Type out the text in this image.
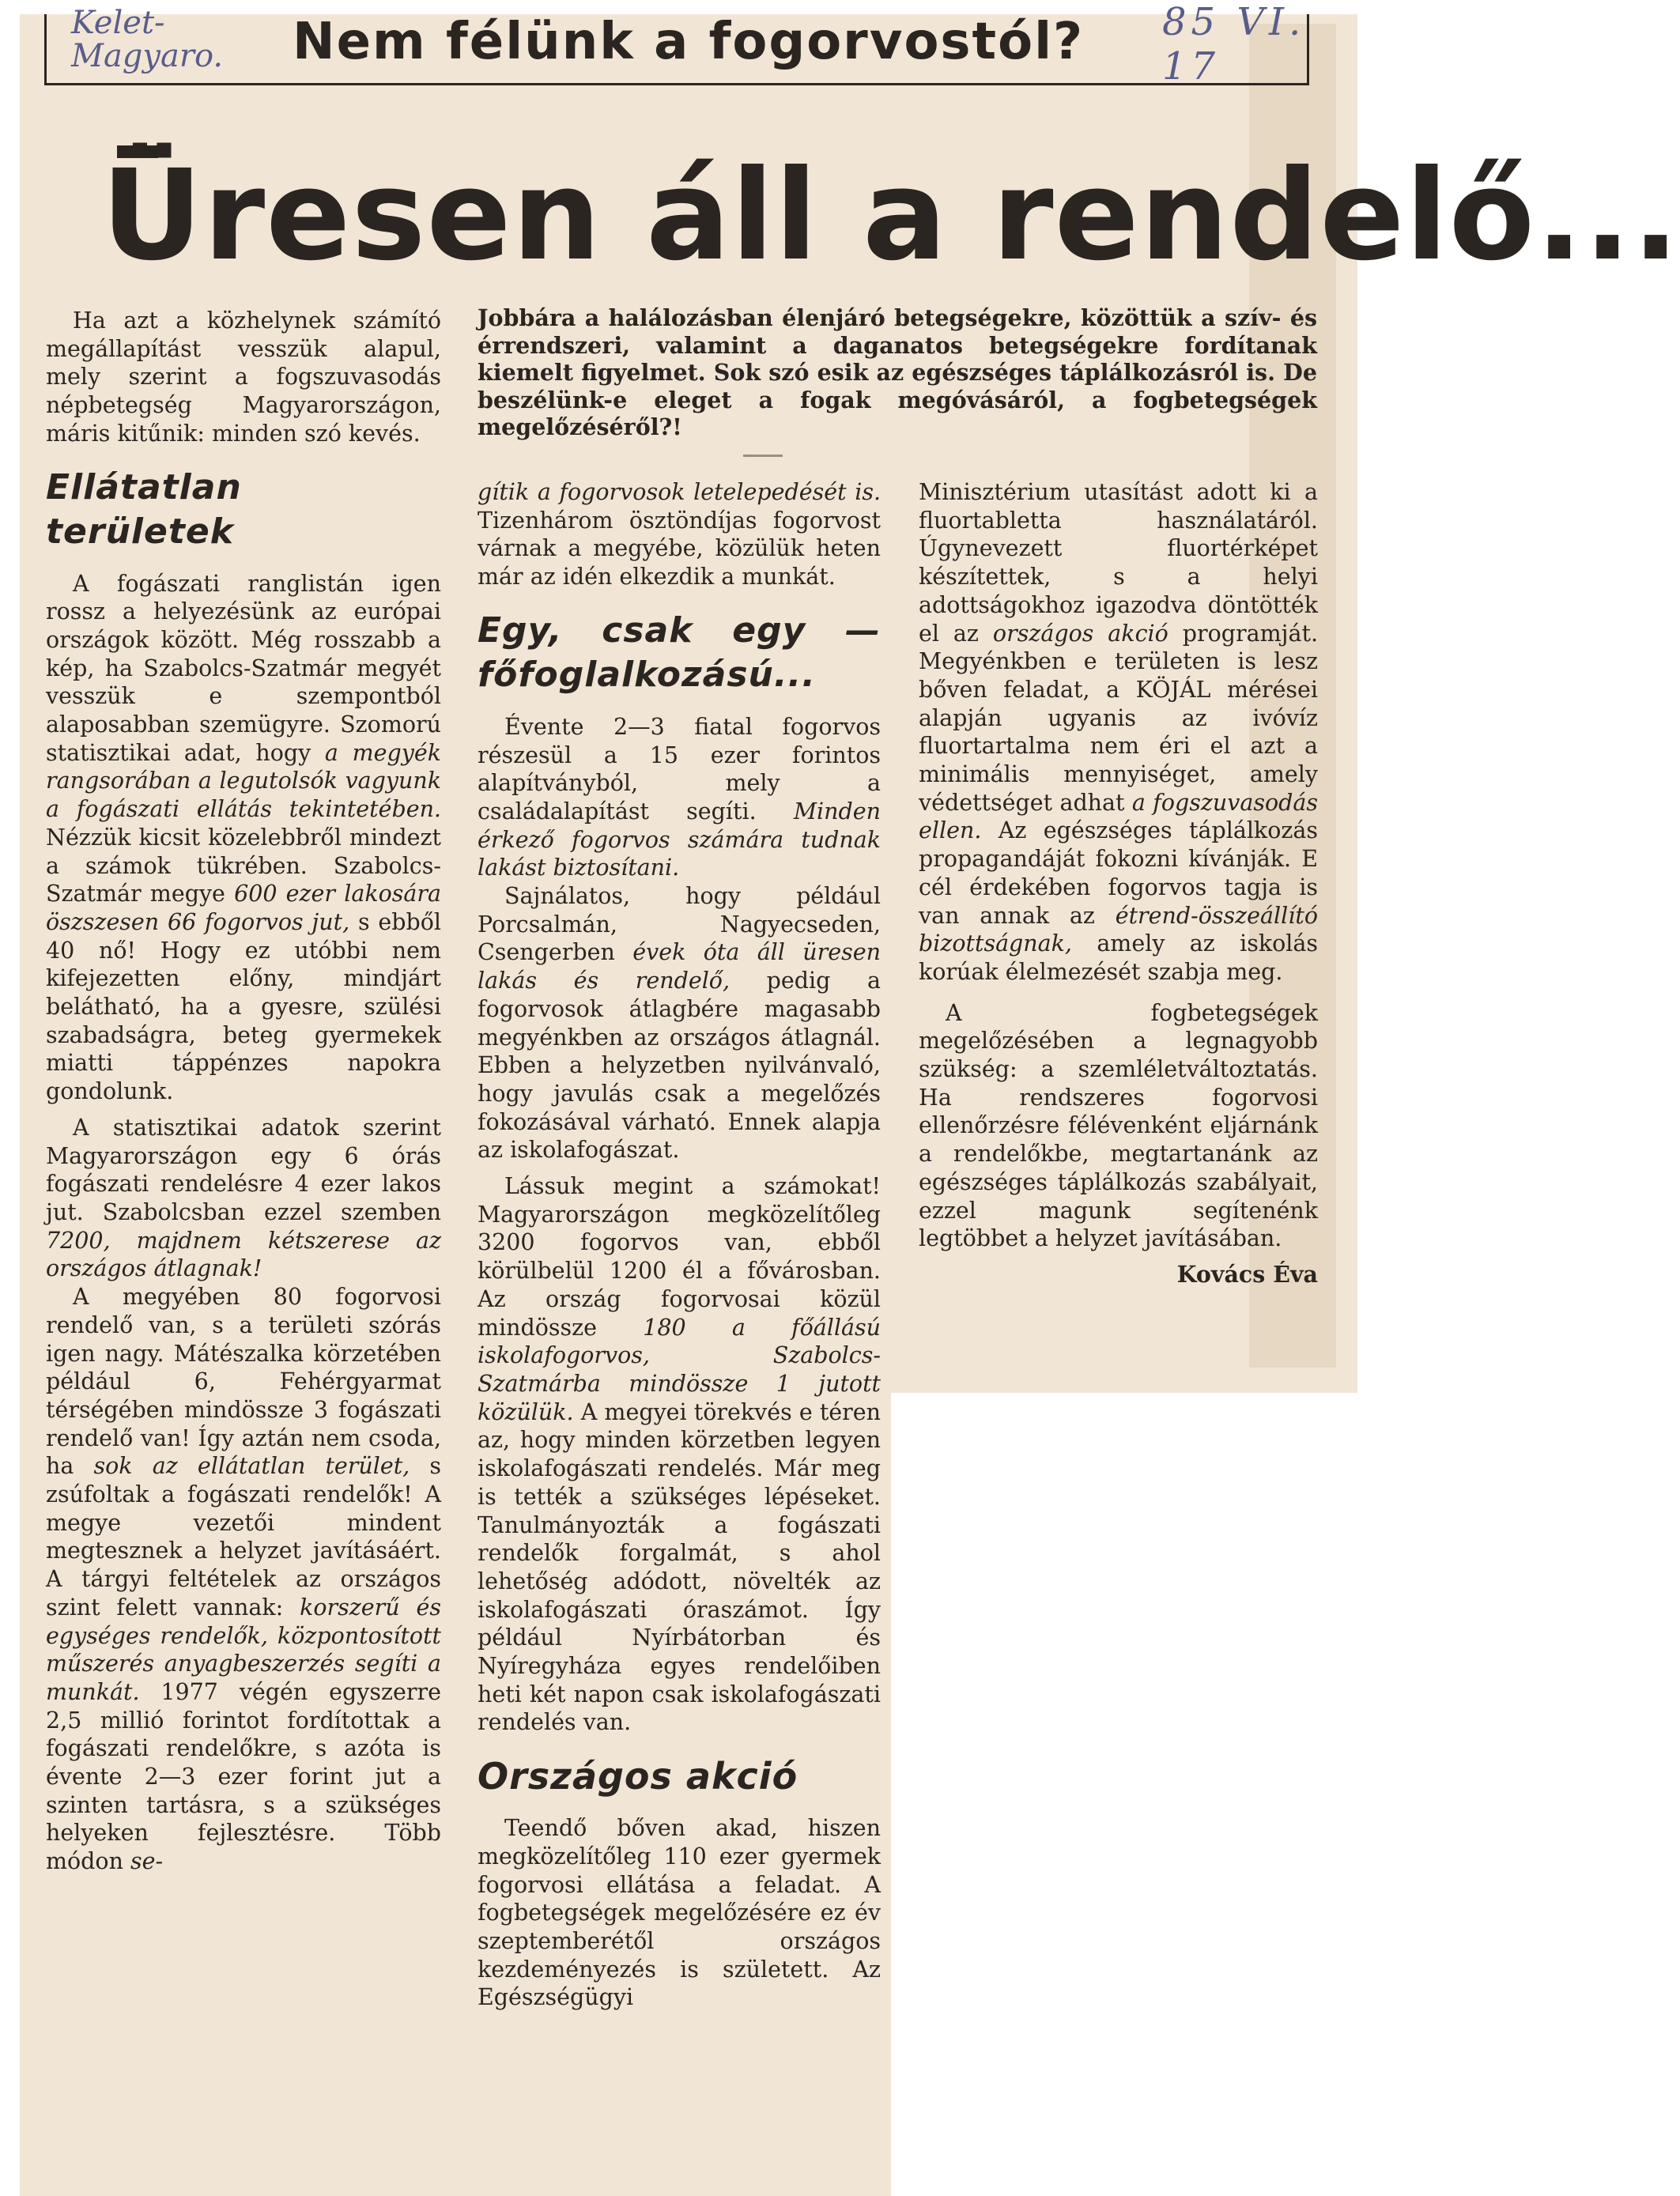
Kelet-Magyaro.
85 VI. 17
Nem félünk a fogorvostól?
Üresen áll a rendelő...
Jobbára a halálozásban élenjáró betegségekre, közöttük a szív- és érrendszeri, valamint a daganatos betegségekre fordítanak kiemelt figyelmet. Sok szó esik az egészséges táplálkozásról is. De beszélünk-e eleget a fogak megóvásáról, a fogbetegségek megelőzéséről?!

Ha azt a közhelynek számító megállapítást vesszük alapul, mely szerint a fogszuvasodás népbetegség Magyarországon, máris kitűnik: minden szó kevés.

Ellátatlan területek

A fogászati ranglistán igen rossz a helyezésünk az európai országok között. Még rosszabb a kép, ha Szabolcs-Szatmár megyét vesszük e szempontból alaposabban szemügyre. Szomorú statisztikai adat, hogy a megyék rangsorában a legutolsók vagyunk a fogászati ellátás tekintetében. Nézzük kicsit közelebbről mindezt a számok tükrében. Szabolcs-Szatmár megye 600 ezer lakosára öszszesen 66 fogorvos jut, s ebből 40 nő! Hogy ez utóbbi nem kifejezetten előny, mindjárt belátható, ha a gyesre, szülési szabadságra, beteg gyermekek miatti táppénzes napokra gondolunk.

A statisztikai adatok szerint Magyarországon egy 6 órás fogászati rendelésre 4 ezer lakos jut. Szabolcsban ezzel szemben 7200, majdnem kétszerese az országos átlagnak!

A megyében 80 fogorvosi rendelő van, s a területi szórás igen nagy. Mátészalka körzetében például 6, Fehérgyarmat térségében mindösszе 3 fogászati rendelő van! Így aztán nem csoda, ha sok az ellátatlan terület, s zsúfoltak a fogászati rendelők! A megye vezetői mindent megtesznek a helyzet javításáért. A tárgyi feltételek az országos szint felett vannak: korszerű és egységes rendelők, központosított műszerés anyagbeszerzés segíti a munkát. 1977 végén egyszerre 2,5 millió forintot fordítottak a fogászati rendelőkre, s azóta is évente 2—3 ezer forint jut a szinten tartásra, s a szükséges helyeken fejlesztésre. Több módon se-

gítik a fogorvosok letelepedését is. Tizenhárom ösztöndíjas fogorvost várnak a megyébe, közülük heten már az idén elkezdik a munkát.

Egy, csak egy — főfoglalkozású...

Évente 2—3 fiatal fogorvos részesül a 15 ezer forintos alapítványból, mely a családalapítást segíti. Minden érkező fogorvos számára tudnak lakást biztosítani.

Sajnálatos, hogy például Porcsalmán, Nagyecseden, Csengerben évek óta áll üresen lakás és rendelő, pedig a fogorvosok átlagbére magasabb megyénkben az országos átlagnál. Ebben a helyzetben nyilvánvaló, hogy javulás csak a megelőzés fokozásával várható. Ennek alapja az iskolafogászat.

Lássuk megint a számokat! Magyarországon megközelítőleg 3200 fogorvos van, ebből körülbelül 1200 él a fővárosban. Az ország fogorvosai közül mindössze 180 a főállású iskolafogorvos, Szabolcs-Szatmárba mindössze 1 jutott közülük. A megyei törekvés e téren az, hogy minden körzetben legyen iskolafogászati rendelés. Már meg is tették a szükséges lépéseket. Tanulmányozták a fogászati rendelők forgalmát, s ahol lehetőség adódott, növelték az iskolafogászati óraszámot. Így például Nyírbátorban és Nyíregyháza egyes rendelőiben heti két napon csak iskolafogászati rendelés van.

Országos akció

Teendő bőven akad, hiszen megközelítőleg 110 ezer gyermek fogorvosi ellátása a feladat. A fogbetegségek megelőzésére ez év szeptemberétől országos kezdeményezés is született. Az Egészségügyi

Minisztérium utasítást adott ki a fluortabletta használatáról. Úgynevezett fluortérképet készítettek, s a helyi adottságokhoz igazodva döntötték el az országos akció programját. Megyénkben e területen is lesz bőven feladat, a KÖJÁL mérései alapján ugyanis az ivóvíz fluortartalma nem éri el azt a minimális mennyiséget, amely védettséget adhat a fogszuvasodás ellen. Az egészséges táplálkozás propagandáját fokozni kívánják. E cél érdekében fogorvos tagja is van annak az étrend-összeállító bizottságnak, amely az iskolás korúak élelmezését szabja meg.

A fogbetegségek megelőzésében a legnagyobb szükség: a szemléletváltoztatás. Ha rendszeres fogorvosi ellenőrzésre félévenként eljárnánk a rendelőkbe, megtartanánk az egészséges táplálkozás szabályait, ezzel magunk segítenénk legtöbbet a helyzet javításában.

Kovács Éva
